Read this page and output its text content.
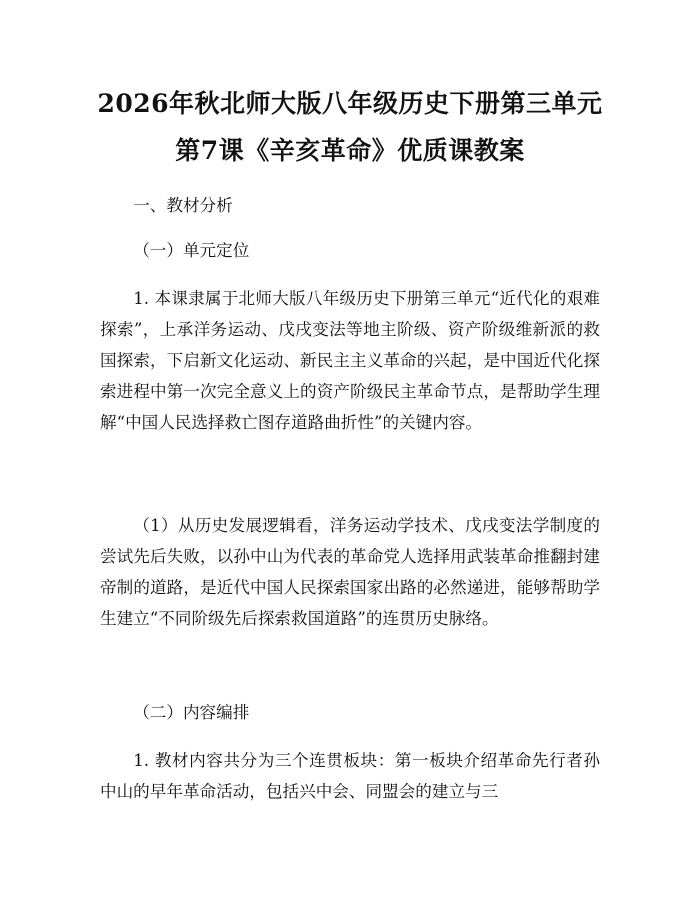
2026年秋北师大版八年级历史下册第三单元
第7课《辛亥革命》优质课教案

一、教材分析

（一）单元定位

1. 本课隶属于北师大版八年级历史下册第三单元“近代化的艰难探索”，上承洋务运动、戊戌变法等地主阶级、资产阶级维新派的救国探索，下启新文化运动、新民主主义革命的兴起，是中国近代化探索进程中第一次完全意义上的资产阶级民主革命节点，是帮助学生理解“中国人民选择救亡图存道路曲折性”的关键内容。

（1）从历史发展逻辑看，洋务运动学技术、戊戌变法学制度的尝试先后失败，以孙中山为代表的革命党人选择用武装革命推翻封建帝制的道路，是近代中国人民探索国家出路的必然递进，能够帮助学生建立“不同阶级先后探索救国道路”的连贯历史脉络。

（二）内容编排

1. 教材内容共分为三个连贯板块：第一板块介绍革命先行者孙中山的早年革命活动，包括兴中会、同盟会的建立与三
